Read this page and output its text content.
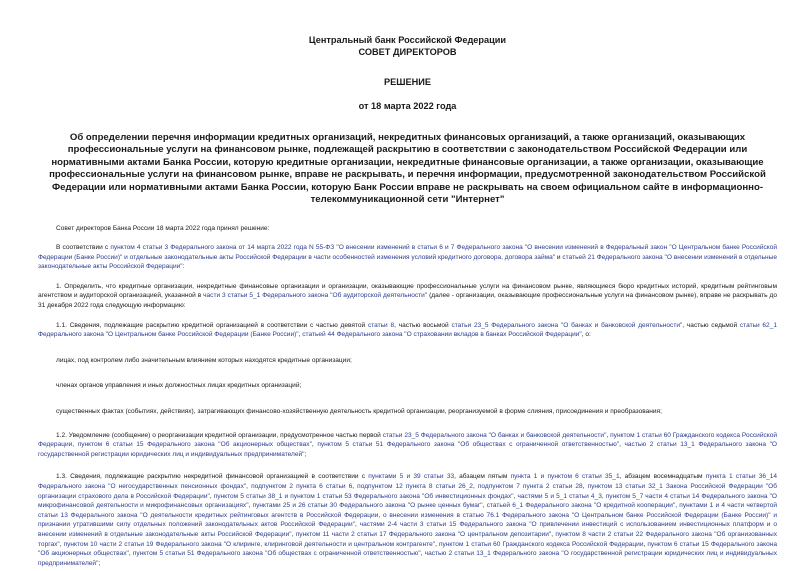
Центральный банк Российской Федерации
СОВЕТ ДИРЕКТОРОВ
РЕШЕНИЕ
от 18 марта 2022 года
Об определении перечня информации кредитных организаций, некредитных финансовых организаций, а также организаций, оказывающих профессиональные услуги на финансовом рынке, подлежащей раскрытию в соответствии с законодательством Российской Федерации или нормативными актами Банка России, которую кредитные организации, некредитные финансовые организации, а также организации, оказывающие профессиональные услуги на финансовом рынке, вправе не раскрывать, и перечня информации, предусмотренной законодательством Российской Федерации или нормативными актами Банка России, которую Банк России вправе не раскрывать на своем официальном сайте в информационно-телекоммуникационной сети "Интернет"

Совет директоров Банка России 18 марта 2022 года принял решение:

В соответствии с пунктом 4 статьи 3 Федерального закона от 14 марта 2022 года N 55-ФЗ "О внесении изменений в статьи 6 и 7 Федерального закона "О внесении изменений в Федеральный закон "О Центральном банке Российской Федерации (Банке России)" и отдельные законодательные акты Российской Федерации в части особенностей изменения условий кредитного договора, договора займа" и статьей 21 Федерального закона "О внесении изменений в отдельные законодательные акты Российской Федерации":

1. Определить, что кредитные организации, некредитные финансовые организации и организации, оказывающие профессиональные услуги на финансовом рынке, являющиеся бюро кредитных историй, кредитным рейтинговым агентством и аудиторской организацией, указанной в части 3 статьи 5_1 Федерального закона "Об аудиторской деятельности" (далее - организации, оказывающие профессиональные услуги на финансовом рынке), вправе не раскрывать до 31 декабря 2022 года следующую информацию:

1.1. Сведения, подлежащие раскрытию кредитной организацией в соответствии с частью девятой статьи 8, частью восьмой статьи 23_5 Федерального закона "О банках и банковской деятельности", частью седьмой статьи 62_1 Федерального закона "О Центральном банке Российской Федерации (Банке России)", статьей 44 Федерального закона "О страховании вкладов в банках Российской Федерации", о:

лицах, под контролем либо значительным влиянием которых находятся кредитные организации;

членах органов управления и иных должностных лицах кредитных организаций;

существенных фактах (событиях, действиях), затрагивающих финансово-хозяйственную деятельность кредитной организации, реорганизуемой в форме слияния, присоединения и преобразования;

1.2. Уведомление (сообщение) о реорганизации кредитной организации, предусмотренное частью первой статьи 23_5 Федерального закона "О банках и банковской деятельности", пунктом 1 статьи 60 Гражданского кодекса Российской Федерации, пунктом 6 статьи 15 Федерального закона "Об акционерных обществах", пунктом 5 статьи 51 Федерального закона "Об обществах с ограниченной ответственностью", частью 2 статьи 13_1 Федерального закона "О государственной регистрации юридических лиц и индивидуальных предпринимателей";

1.3. Сведения, подлежащие раскрытию некредитной финансовой организацией в соответствии с пунктами 5 и 39 статьи 33, абзацем пятым пункта 1 и пунктом 6 статьи 35_1, абзацем восемнадцатым пункта 1 статьи 36_14 Федерального закона "О негосударственных пенсионных фондах", подпунктом 2 пункта 6 статьи 6, подпунктом 12 пункта 8 статьи 26_2, подпунктом 7 пункта 2 статьи 28, пунктом 13 статьи 32_1 Закона Российской Федерации "Об организации страхового дела в Российской Федерации", пунктом 5 статьи 38_1 и пунктом 1 статьи 53 Федерального закона "Об инвестиционных фондах", частями 5 и 5_1 статьи 4_3, пунктом 5_7 части 4 статьи 14 Федерального закона "О микрофинансовой деятельности и микрофинансовых организациях", пунктами 25 и 26 статьи 30 Федерального закона "О рынке ценных бумаг", статьей 6_1 Федерального закона "О кредитной кооперации", пунктами 1 и 4 части четвертой статьи 13 Федерального закона "О деятельности кредитных рейтинговых агентств в Российской Федерации, о внесении изменения в статью 76.1 Федерального закона "О Центральном банке Российской Федерации (Банке России)" и признании утратившими силу отдельных положений законодательных актов Российской Федерации", частями 2-4 части 3 статьи 15 Федерального закона "О привлечении инвестиций с использованием инвестиционных платформ и о внесении изменений в отдельные законодательные акты Российской Федерации", пунктом 11 части 2 статьи 17 Федерального закона "О центральном депозитарии", пунктом 8 части 2 статьи 22 Федерального закона "Об организованных торгах", пунктом 10 части 2 статьи 19 Федерального закона "О клиринге, клиринговой деятельности и центральном контрагенте", пунктом 1 статьи 60 Гражданского кодекса Российской Федерации, пунктом 6 статьи 15 Федерального закона "Об акционерных обществах", пунктом 5 статьи 51 Федерального закона "Об обществах с ограниченной ответственностью", частью 2 статьи 13_1 Федерального закона "О государственной регистрации юридических лиц и индивидуальных предпринимателей";
